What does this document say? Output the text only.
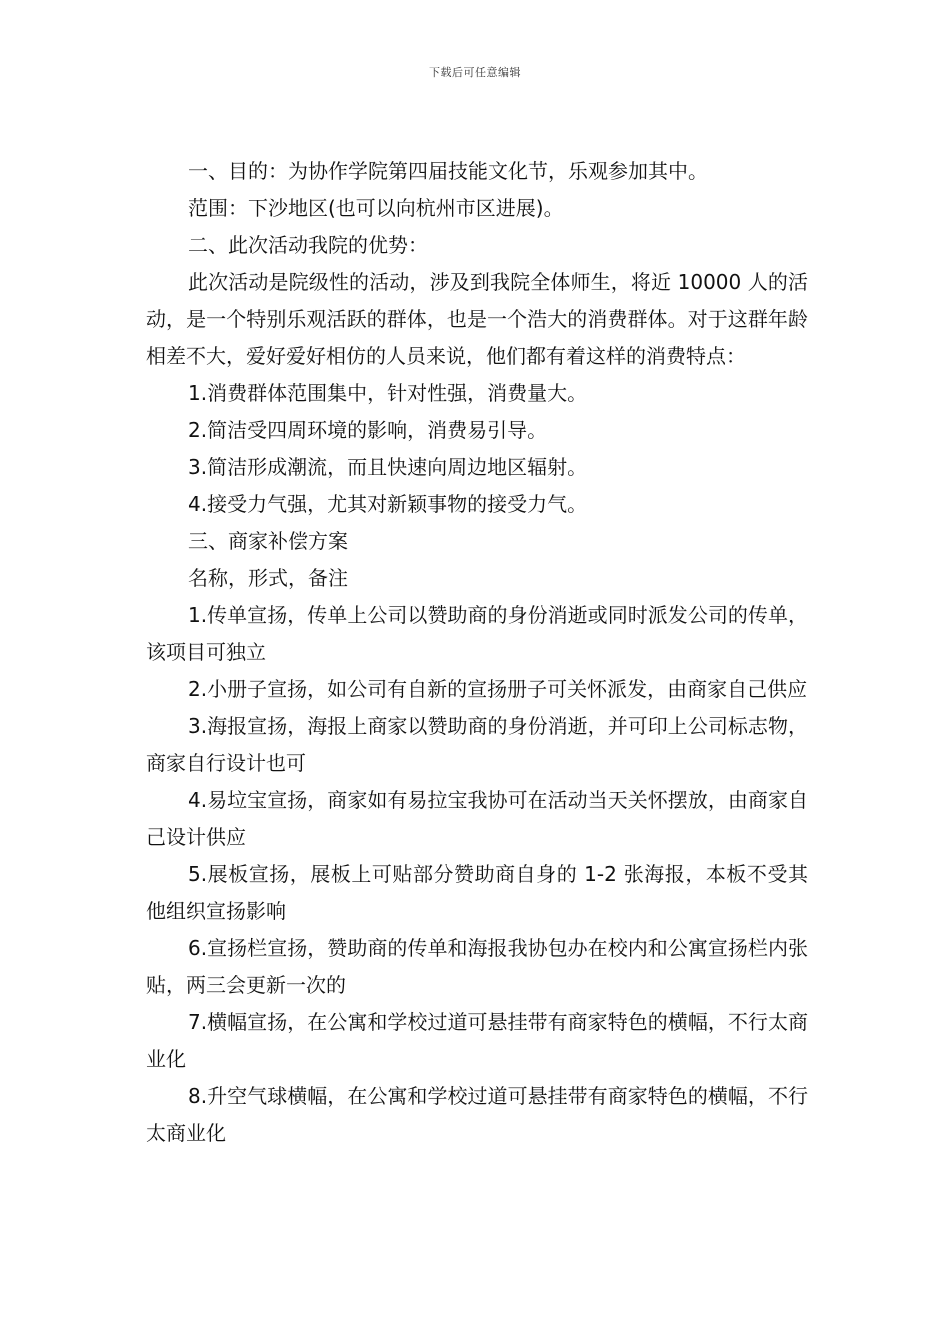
下载后可任意编辑

一、目的：为协作学院第四届技能文化节，乐观参加其中。

范围：下沙地区(也可以向杭州市区进展)。

二、此次活动我院的优势：

此次活动是院级性的活动，涉及到我院全体师生，将近 10000 人的活动，是一个特别乐观活跃的群体，也是一个浩大的消费群体。对于这群年龄相差不大，爱好爱好相仿的人员来说，他们都有着这样的消费特点：

1.消费群体范围集中，针对性强，消费量大。

2.简洁受四周环境的影响，消费易引导。

3.简洁形成潮流，而且快速向周边地区辐射。

4.接受力气强，尤其对新颖事物的接受力气。

三、商家补偿方案

名称，形式，备注

1.传单宣扬，传单上公司以赞助商的身份消逝或同时派发公司的传单，该项目可独立

2.小册子宣扬，如公司有自新的宣扬册子可关怀派发，由商家自己供应

3.海报宣扬，海报上商家以赞助商的身份消逝，并可印上公司标志物，商家自行设计也可

4.易垃宝宣扬，商家如有易拉宝我协可在活动当天关怀摆放，由商家自己设计供应

5.展板宣扬，展板上可贴部分赞助商自身的 1-2 张海报，本板不受其他组织宣扬影响

6.宣扬栏宣扬，赞助商的传单和海报我协包办在校内和公寓宣扬栏内张贴，两三会更新一次的

7.横幅宣扬，在公寓和学校过道可悬挂带有商家特色的横幅，不行太商业化

8.升空气球横幅，在公寓和学校过道可悬挂带有商家特色的横幅，不行太商业化
